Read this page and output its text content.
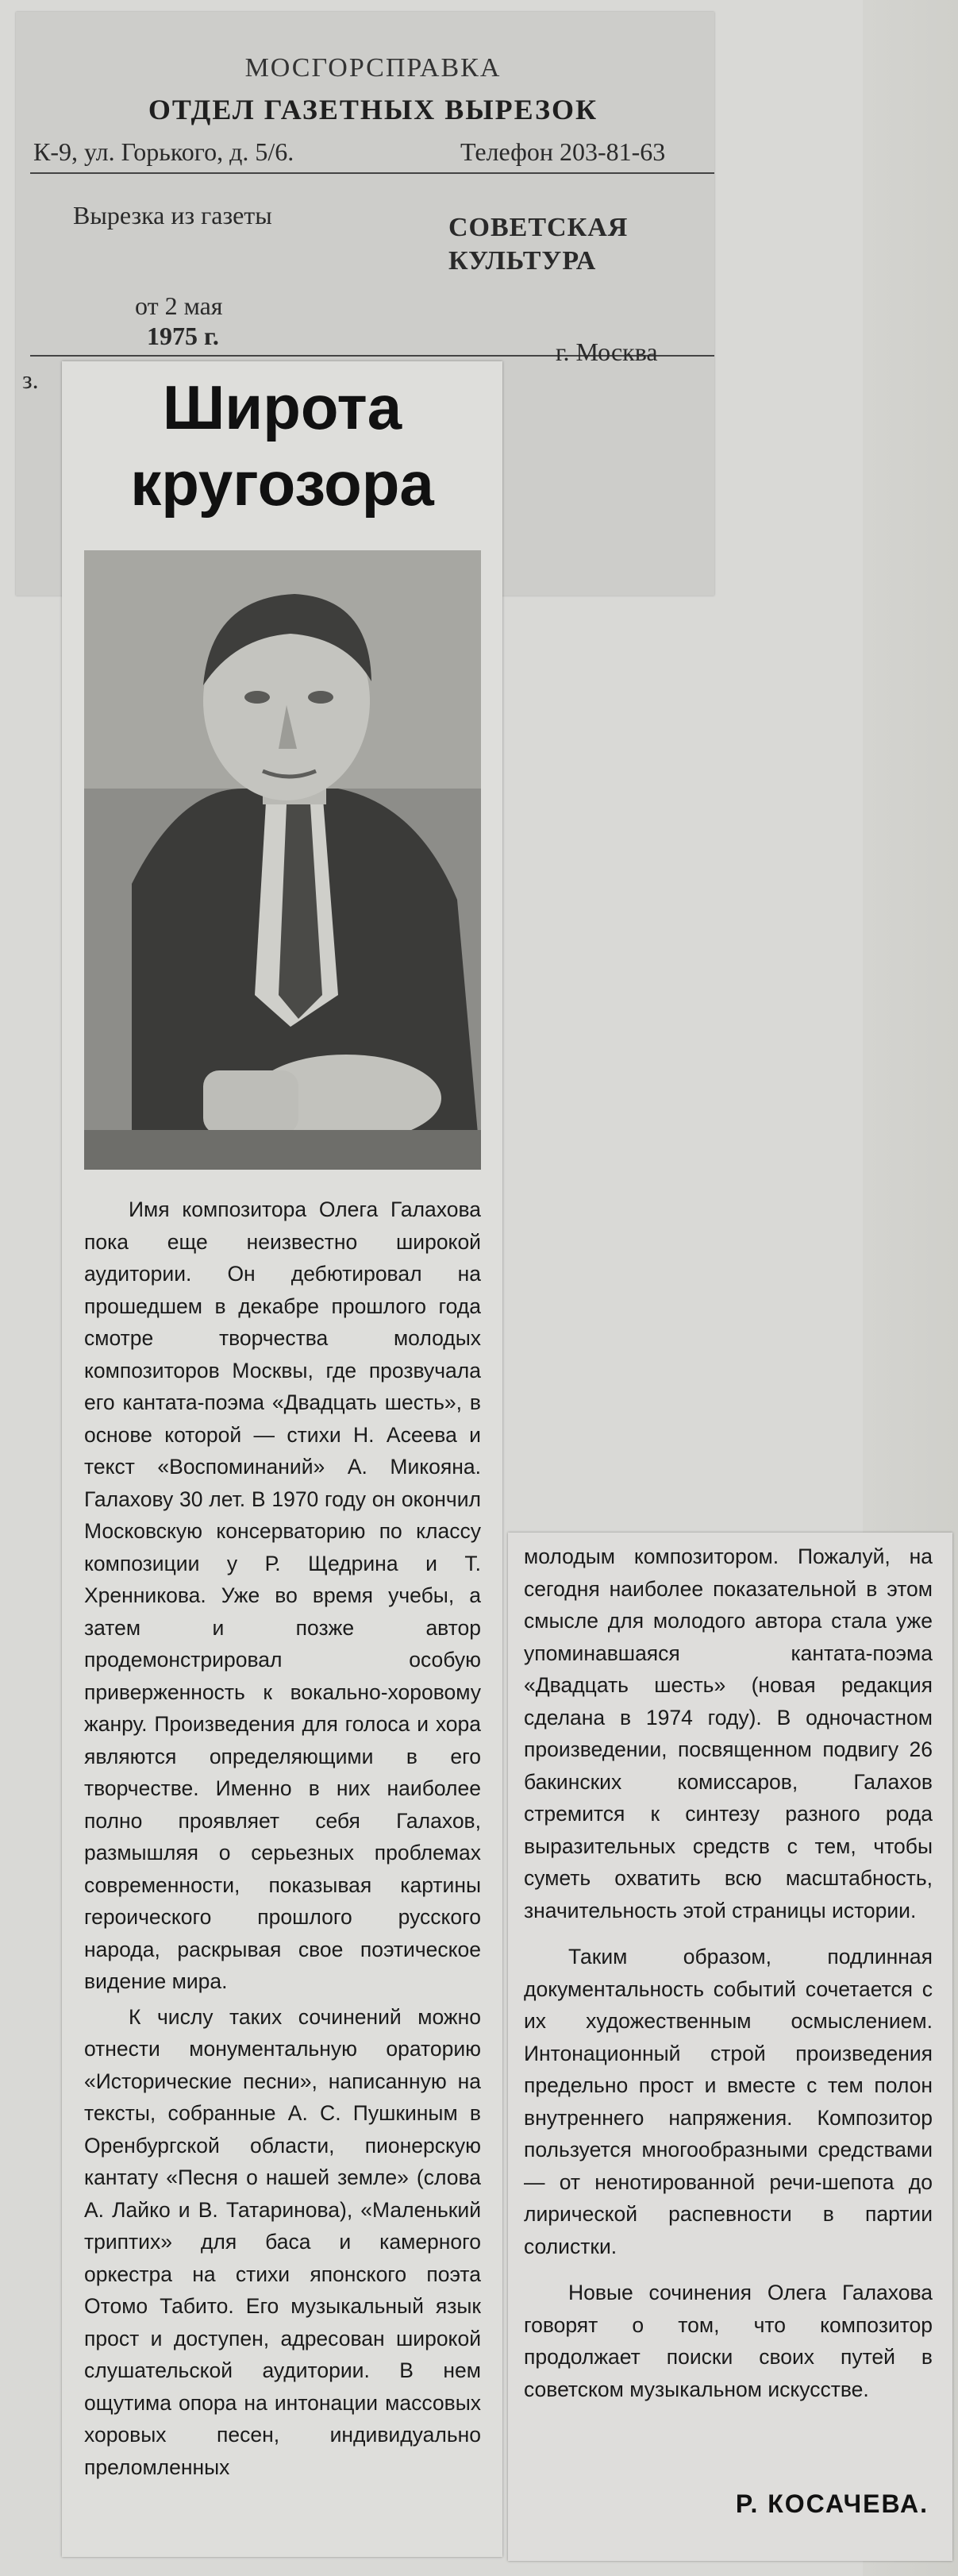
МОСГОРСПРАВКА
ОТДЕЛ ГАЗЕТНЫХ ВЫРЕЗОК
К-9, ул. Горького, д. 5/6.	Телефон 203-81-63
Вырезка из газеты	СОВЕТСКАЯ
КУЛЬТУРА
от 2 мая
1975 г.
г. Москва
з.	Широта
кругозора

Имя композитора Олега Галахова пока еще неизвестно широкой аудитории. Он дебютировал на прошедшем в декабре прошлого года смотре творчества молодых композиторов Москвы, где прозвучала его кантата-поэма «Двадцать шесть», в основе которой — стихи Н. Асеева и текст «Воспоминаний» А. Микояна. Галахову 30 лет. В 1970 году он окончил Московскую консерваторию по классу композиции у Р. Щедрина и Т. Хренникова. Уже во время учебы, а затем и позже автор продемонстрировал особую приверженность к вокально-хоровому жанру. Произведения для голоса и хора являются определяющими в его творчестве. Именно в них наиболее полно проявляет себя Галахов, размышляя о серьезных проблемах современности, показывая картины героического прошлого русского народа, раскрывая свое поэтическое видение мира.

К числу таких сочинений можно отнести монументальную ораторию «Исторические песни», написанную на тексты, собранные А. С. Пушкиным в Оренбургской области, пионерскую кантату «Песня о нашей земле» (слова А. Лайко и В. Татаринова), «Маленький триптих» для баса и камерного оркестра на стихи японского поэта Отомо Табито. Его музыкальный язык прост и доступен, адресован широкой слушательской аудитории. В нем ощутима опора на интонации массовых хоровых песен, индивидуально преломленных

молодым композитором. Пожалуй, на сегодня наиболее показательной в этом смысле для молодого автора стала уже упоминавшаяся кантата-поэма «Двадцать шесть» (новая редакция сделана в 1974 году). В одночастном произведении, посвященном подвигу 26 бакинских комиссаров, Галахов стремится к синтезу разного рода выразительных средств с тем, чтобы суметь охватить всю масштабность, значительность этой страницы истории.

Таким образом, подлинная документальность событий сочетается с их художественным осмыслением. Интонационный строй произведения предельно прост и вместе с тем полон внутреннего напряжения. Композитор пользуется многообразными средствами — от ненотированной речи-шепота до лирической распевности в партии солистки.

Новые сочинения Олега Галахова говорят о том, что композитор продолжает поиски своих путей в советском музыкальном искусстве.

Р. КОСАЧЕВА.
